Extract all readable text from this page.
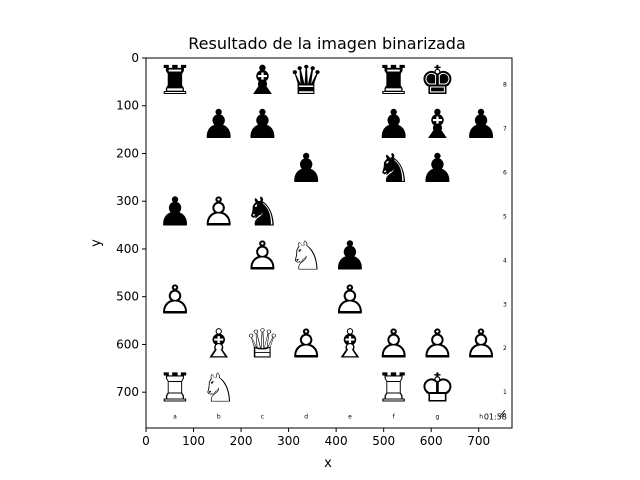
Resultado de la imagen binarizada
♜ ♝ ♛ ♜ ♚
♟ ♟ ♟ ♝ ♟
♟ ♞ ♟
♟ ♙ ♞
♙ ♘ ♟
♙	♙
♗ ♕ ♙ ♗ ♙ ♙ ♙
♖ ♘	♖ ♔
a	b	c	d	e	f	g	h
8
7
6
5
4
3
2
1
01:58
0	100 200 300 400 500 600 700
0
100
200
300
400
500
600
700
x
y
